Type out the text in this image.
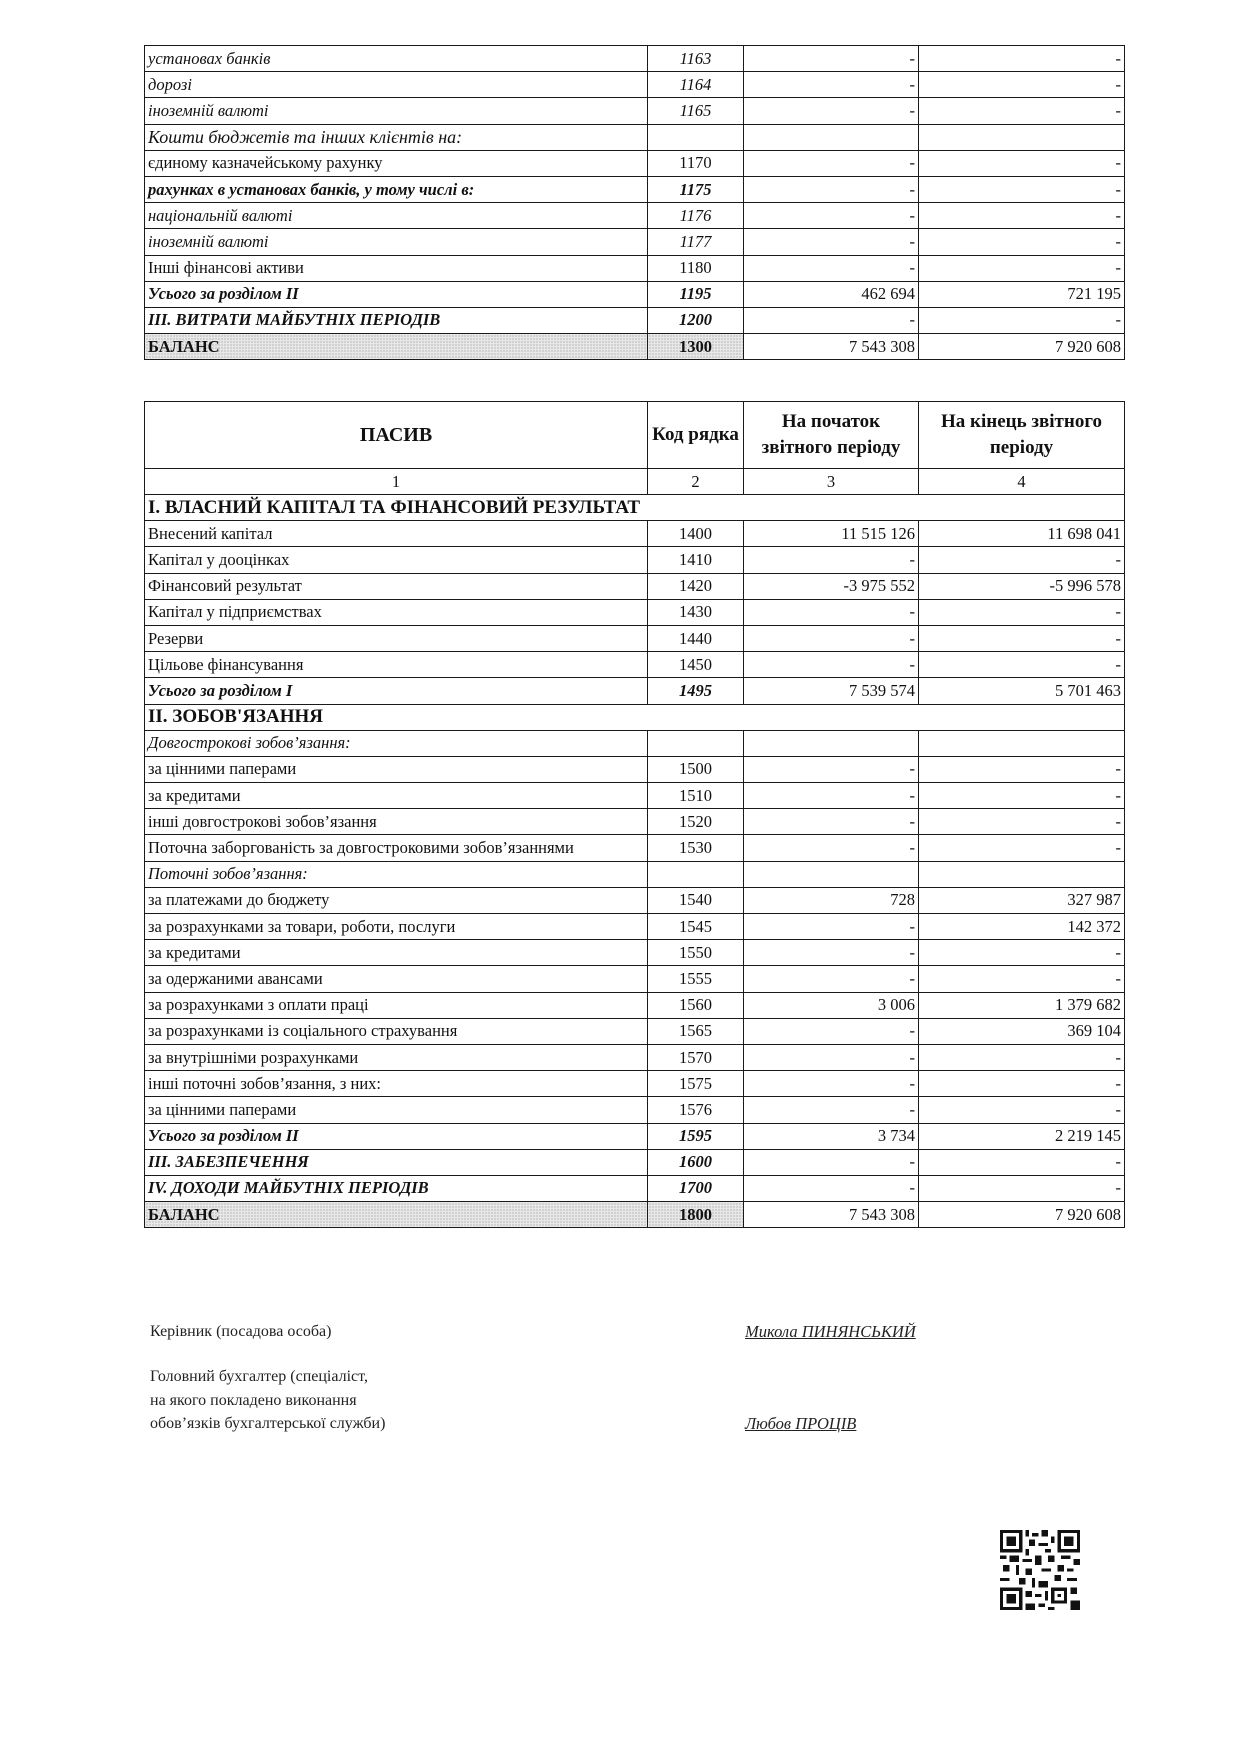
установах банків	1163	-	-
дорозі	1164	-	-
іноземній валюті	1165	-	-
Кошти бюджетів та інших клієнтів на:			
єдиному казначейському рахунку	1170	-	-
рахунках в установах банків, у тому числі в:	1175	-	-
національній валюті	1176	-	-
іноземній валюті	1177	-	-
Інші фінансові активи	1180	-	-
Усього за розділом ІІ	1195	462 694	721 195
ІІІ. ВИТРАТИ МАЙБУТНІХ ПЕРІОДІВ	1200	-	-
БАЛАНС	1300	7 543 308	7 920 608
ПАСИВ	Код рядка	На початок звітного періоду	На кінець звітного періоду
1	2	3	4
І. ВЛАСНИЙ КАПІТАЛ ТА ФІНАНСОВИЙ РЕЗУЛЬТАТ			
Внесений капітал	1400	11 515 126	11 698 041
Капітал у дооцінках	1410	-	-
Фінансовий результат	1420	-3 975 552	-5 996 578
Капітал у підприємствах	1430	-	-
Резерви	1440	-	-
Цільове фінансування	1450	-	-
Усього за розділом І	1495	7 539 574	5 701 463
ІІ. ЗОБОВ'ЯЗАННЯ			
Довгострокові зобов’язання:			
за цінними паперами	1500	-	-
за кредитами	1510	-	-
інші довгострокові зобов’язання	1520	-	-
Поточна заборгованість за довгостроковими зобов’язаннями	1530	-	-
Поточні зобов’язання:			
за платежами до бюджету	1540	728	327 987
за розрахунками за товари, роботи, послуги	1545	-	142 372
за кредитами	1550	-	-
за одержаними авансами	1555	-	-
за розрахунками з оплати праці	1560	3 006	1 379 682
за розрахунками із соціального страхування	1565	-	369 104
за внутрішніми розрахунками	1570	-	-
інші поточні зобов’язання, з них:	1575	-	-
за цінними паперами	1576	-	-
Усього за розділом ІІ	1595	3 734	2 219 145
ІІІ. ЗАБЕЗПЕЧЕННЯ	1600	-	-
IV. ДОХОДИ МАЙБУТНІХ ПЕРІОДІВ	1700	-	-
БАЛАНС	1800	7 543 308	7 920 608
Керівник (посадова особа)	Микола ПИНЯНСЬКИЙ
Головний бухгалтер (спеціаліст,
на якого покладено виконання
обов’язків бухгалтерської служби)	Любов ПРОЦІВ
